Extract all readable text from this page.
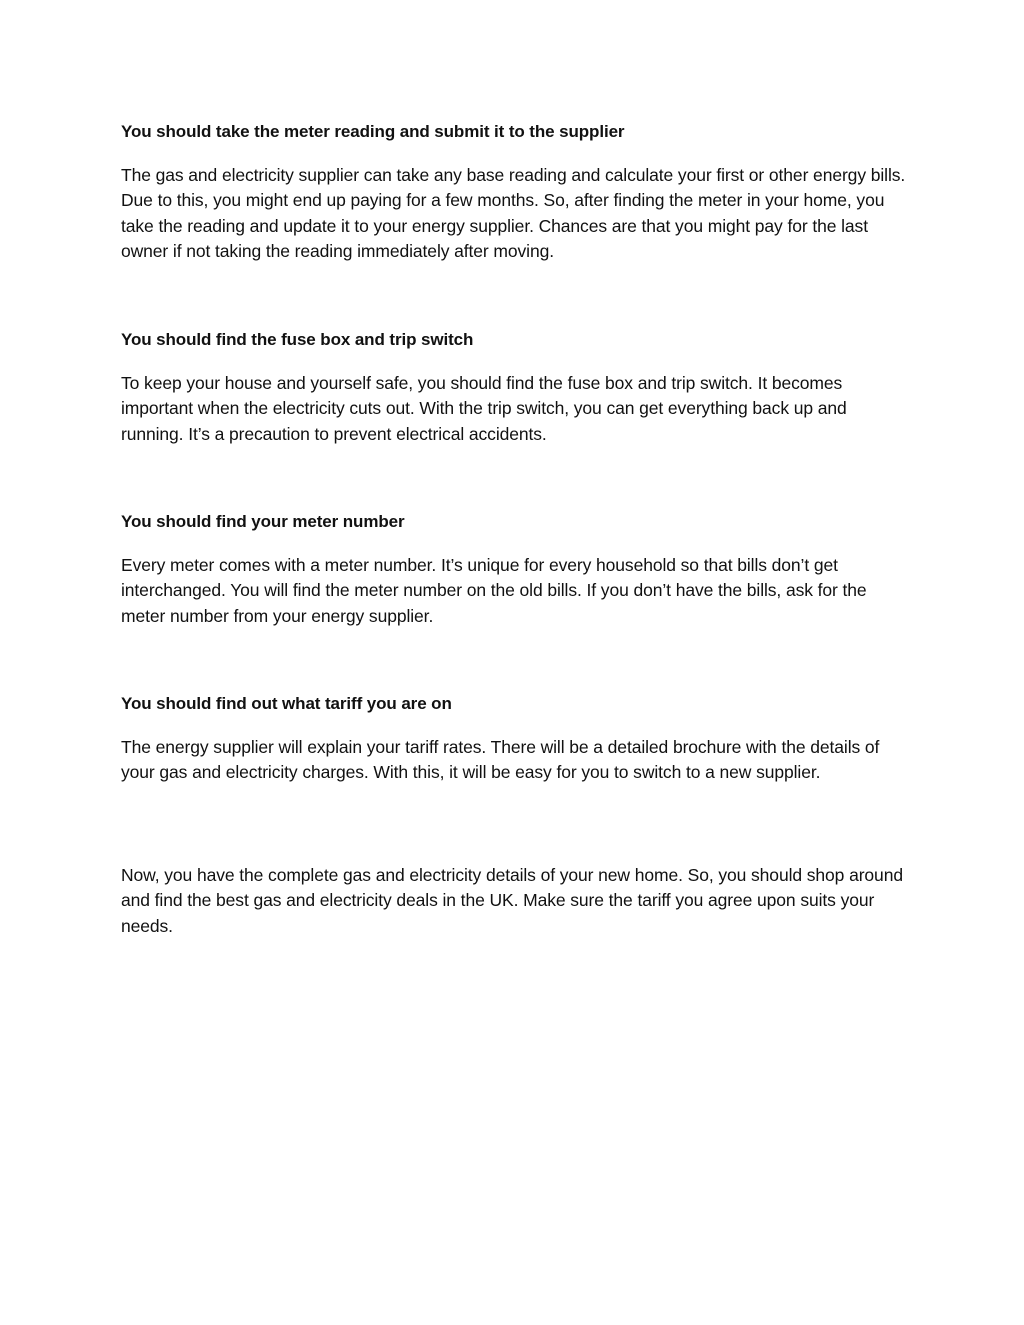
You should take the meter reading and submit it to the supplier

The gas and electricity supplier can take any base reading and calculate your first or other energy bills. Due to this, you might end up paying for a few months. So, after finding the meter in your home, you take the reading and update it to your energy supplier. Chances are that you might pay for the last owner if not taking the reading immediately after moving.

You should find the fuse box and trip switch

To keep your house and yourself safe, you should find the fuse box and trip switch. It becomes important when the electricity cuts out. With the trip switch, you can get everything back up and running. It’s a precaution to prevent electrical accidents.

You should find your meter number

Every meter comes with a meter number. It’s unique for every household so that bills don’t get interchanged. You will find the meter number on the old bills. If you don’t have the bills, ask for the meter number from your energy supplier.

You should find out what tariff you are on

The energy supplier will explain your tariff rates. There will be a detailed brochure with the details of your gas and electricity charges. With this, it will be easy for you to switch to a new supplier.

Now, you have the complete gas and electricity details of your new home. So, you should shop around and find the best gas and electricity deals in the UK. Make sure the tariff you agree upon suits your needs.
